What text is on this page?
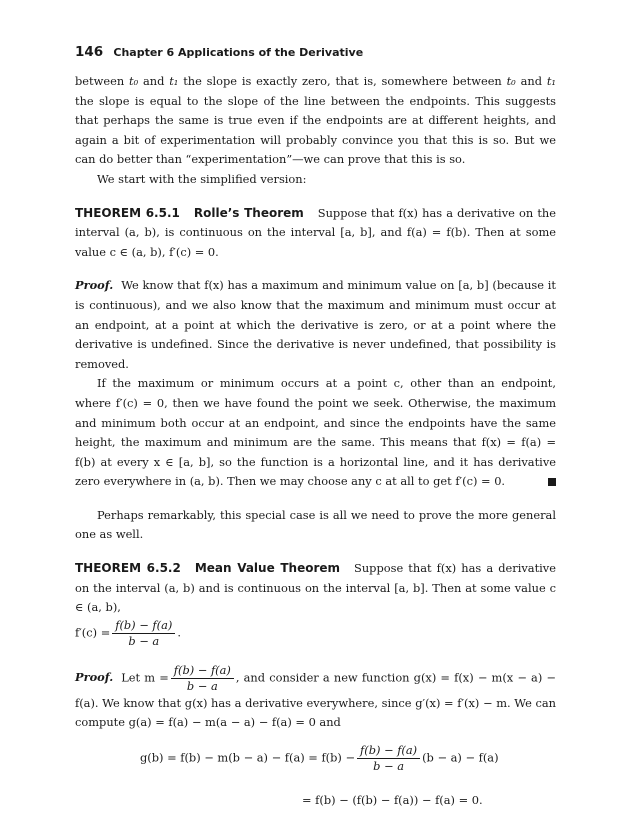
146 Chapter 6 Applications of the Derivative

between t₀ and t₁ the slope is exactly zero, that is, somewhere between t₀ and t₁ the slope is equal to the slope of the line between the endpoints. This suggests that perhaps the same is true even if the endpoints are at different heights, and again a bit of experimentation will probably convince you that this is so. But we can do better than “experimentation”—we can prove that this is so.

We start with the simplified version:

THEOREM 6.5.1 Rolle’s Theorem Suppose that f(x) has a derivative on the interval (a, b), is continuous on the interval [a, b], and f(a) = f(b). Then at some value c ∈ (a, b), f′(c) = 0.

Proof. We know that f(x) has a maximum and minimum value on [a, b] (because it is continuous), and we also know that the maximum and minimum must occur at an endpoint, at a point at which the derivative is zero, or at a point where the derivative is undefined. Since the derivative is never undefined, that possibility is removed.

If the maximum or minimum occurs at a point c, other than an endpoint, where f′(c) = 0, then we have found the point we seek. Otherwise, the maximum and minimum both occur at an endpoint, and since the endpoints have the same height, the maximum and minimum are the same. This means that f(x) = f(a) = f(b) at every x ∈ [a, b], so the function is a horizontal line, and it has derivative zero everywhere in (a, b). Then we may choose any c at all to get f′(c) = 0.

Perhaps remarkably, this special case is all we need to prove the more general one as well.

THEOREM 6.5.2 Mean Value Theorem Suppose that f(x) has a derivative on the interval (a, b) and is continuous on the interval [a, b]. Then at some value c ∈ (a, b),
$f'(c) = \frac{f(b) - f(a)}{b - a}$ .

Proof. Let $m = \frac{f(b) - f(a)}{b - a}$ , and consider a new function g(x) = f(x) − m(x − a) − f(a). We know that g(x) has a derivative everywhere, since g′(x) = f′(x) − m. We can compute g(a) = f(a) − m(a − a) − f(a) = 0 and

$g(b) = f(b) - m(b - a) - f(a) = f(b) - \frac{f(b) - f(a)}{b - a} (b - a) - f(a)$
= f(b) − (f(b) − f(a)) − f(a) = 0.
